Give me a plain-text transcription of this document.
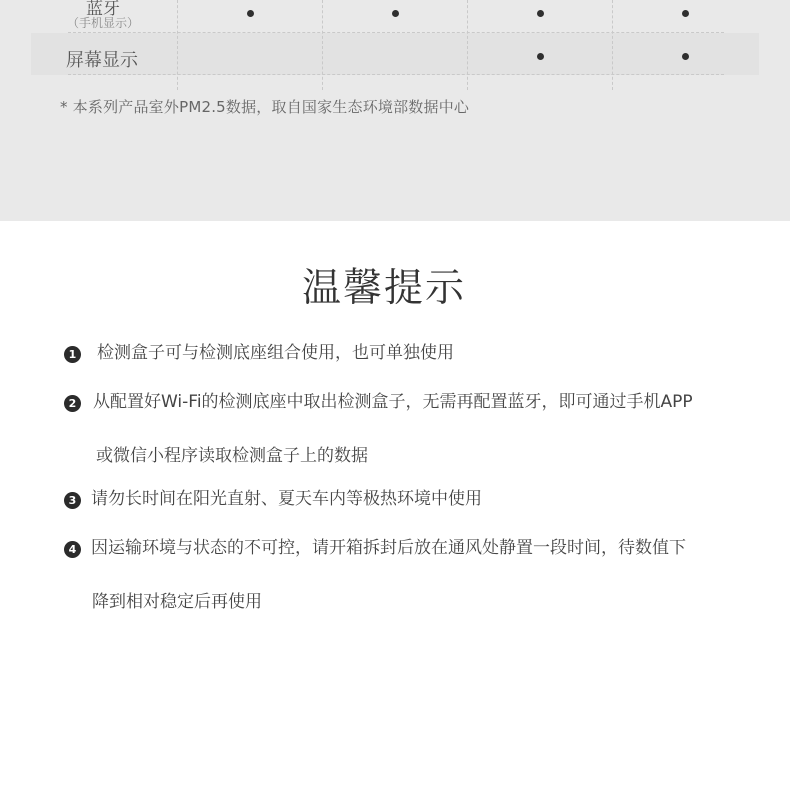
蓝牙
（手机显示）
屏幕显示
* 本系列产品室外PM2.5数据，取自国家生态环境部数据中心
温馨提示
1 检测盒子可与检测底座组合使用，也可单独使用
2 从配置好Wi-Fi的检测底座中取出检测盒子，无需再配置蓝牙，即可通过手机APP
或微信小程序读取检测盒子上的数据
3 请勿长时间在阳光直射、夏天车内等极热环境中使用
4 因运输环境与状态的不可控，请开箱拆封后放在通风处静置一段时间，待数值下
降到相对稳定后再使用
